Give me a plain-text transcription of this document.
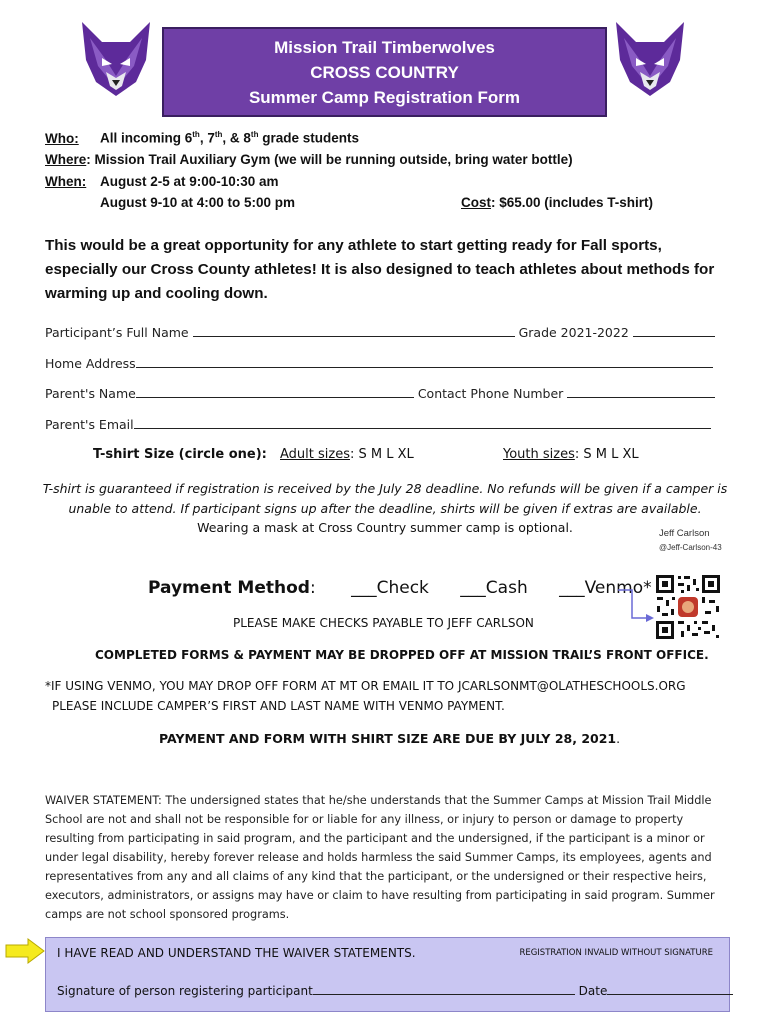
Mission Trail Timberwolves
CROSS COUNTRY
Summer Camp Registration Form
Who: All incoming 6th, 7th, & 8th grade students
Where: Mission Trail Auxiliary Gym (we will be running outside, bring water bottle)
When: August 2-5 at 9:00-10:30 am
August 9-10 at 4:00 to 5:00 pm	Cost: $65.00 (includes T-shirt)
This would be a great opportunity for any athlete to start getting ready for Fall sports, especially our Cross County athletes! It is also designed to teach athletes about methods for warming up and cooling down.
Participant’s Full Name	Grade 2021-2022
Home Address
Parent's Name	Contact Phone Number
Parent's Email
T-shirt Size (circle one): Adult sizes: S M L XL	Youth sizes: S M L XL
T-shirt is guaranteed if registration is received by the July 28 deadline. No refunds will be given if a camper is
unable to attend. If participant signs up after the deadline, shirts will be given if extras are available.
Wearing a mask at Cross Country summer camp is optional.	Jeff Carlson
@Jeff-Carlson-43
Payment Method: ___Check ___Cash ___Venmo*
PLEASE MAKE CHECKS PAYABLE TO JEFF CARLSON
COMPLETED FORMS & PAYMENT MAY BE DROPPED OFF AT MISSION TRAIL’S FRONT OFFICE.
*IF USING VENMO, YOU MAY DROP OFF FORM AT MT OR EMAIL IT TO JCARLSONMT@OLATHESCHOOLS.ORG
PLEASE INCLUDE CAMPER’S FIRST AND LAST NAME WITH VENMO PAYMENT.
PAYMENT AND FORM WITH SHIRT SIZE ARE DUE BY JULY 28, 2021.
WAIVER STATEMENT: The undersigned states that he/she understands that the Summer Camps at Mission Trail Middle School are not and shall not be responsible for or liable for any illness, or injury to person or damage to property resulting from participating in said program, and the participant and the undersigned, if the participant is a minor or under legal disability, hereby forever release and holds harmless the said Summer Camps, its employees, agents and representatives from any and all claims of any kind that the participant, or the undersigned or their respective heirs, executors, administrators, or assigns may have or claim to have resulting from participating in said program. Summer camps are not school sponsored programs.
I HAVE READ AND UNDERSTAND THE WAIVER STATEMENTS.	REGISTRATION INVALID WITHOUT SIGNATURE
Signature of person registering participant	Date
